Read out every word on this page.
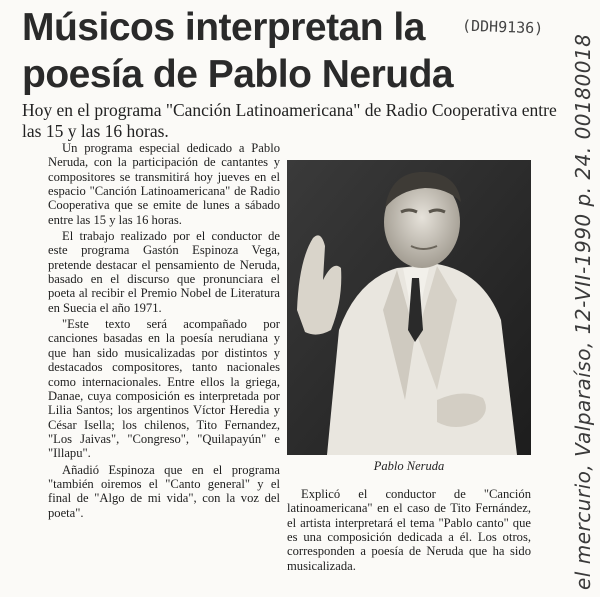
Músicos interpretan la poesía de Pablo Neruda
(DDH9136)
Hoy en el programa "Canción Latinoamericana" de Radio Cooperativa entre las 15 y las 16 horas.

Un programa especial dedicado a Pablo Neruda, con la participación de cantantes y compositores se transmitirá hoy jueves en el espacio "Canción Latinoamericana" de Radio Cooperativa que se emite de lunes a sábado entre las 15 y las 16 horas.

El trabajo realizado por el conductor de este programa Gastón Espinoza Vega, pretende destacar el pensamiento de Neruda, basado en el discurso que pronunciara el poeta al recibir el Premio Nobel de Literatura en Suecia el año 1971.

"Este texto será acompañado por canciones basadas en la poesía nerudiana y que han sido musicalizadas por distintos y destacados compositores, tanto nacionales como internacionales. Entre ellos la griega, Danae, cuya composición es interpretada por Lilia Santos; los argentinos Víctor Heredia y César Isella; los chilenos, Tito Fernandez, "Los Jaivas", "Congreso", "Quilapayún" e "Illapu".

Añadió Espinoza que en el programa "también oiremos el "Canto general" y el final de "Algo de mi vida", con la voz del poeta".

Pablo Neruda

Explicó el conductor de "Canción latinoamericana" en el caso de Tito Fernández, el artista interpretará el tema "Pablo canto" que es una composición dedicada a él. Los otros, corresponden a poesía de Neruda que ha sido musicalizada.	el mercurio, Valparaíso, 12-VII-1990 p. 24. 00180018
